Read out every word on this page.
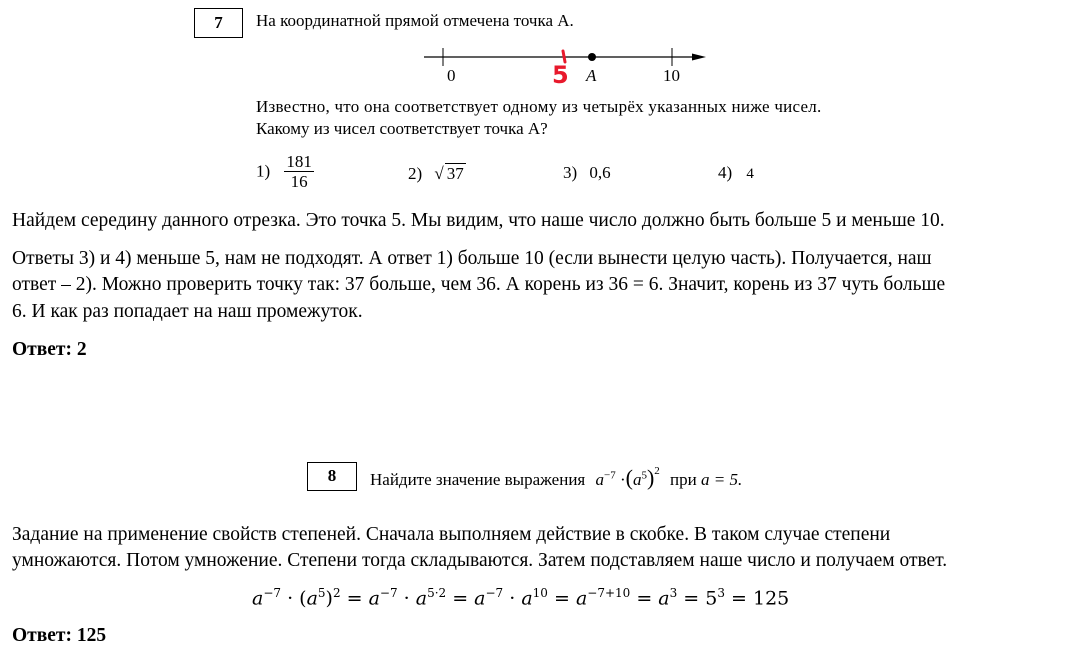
7	На координатной прямой отмечена точка A.
0	5 A	10
Известно, что она соответствует одному из четырёх указанных ниже чисел.
Какому из чисел соответствует точка A?
$1) \frac{181}{16}$	2) √ 37	3) 0,6	4) 4
Найдем середину данного отрезка. Это точка 5. Мы видим, что наше число должно быть больше 5 и меньше 10.
Ответы 3) и 4) меньше 5, нам не подходят. А ответ 1) больше 10 (если вынести целую часть). Получается, наш
ответ – 2). Можно проверить точку так: 37 больше, чем 36. А корень из 36 = 6. Значит, корень из 37 чуть больше
6. И как раз попадает на наш промежуток.
Ответ: 2
8	Найдите значение выражения $a^{-7} \cdot(a^5)^2$ при a = 5.
Задание на применение свойств степеней. Сначала выполняем действие в скобке. В таком случае степени
умножаются. Потом умножение. Степени тогда складываются. Затем подставляем наше число и получаем ответ.
$a^{-7} \cdot (a^5)^2 = a^{-7} \cdot a^{5\cdot 2} = a^{-7} \cdot a^{10} = a^{-7+10} = a^3 = 5^3 = 125$
Ответ: 125
